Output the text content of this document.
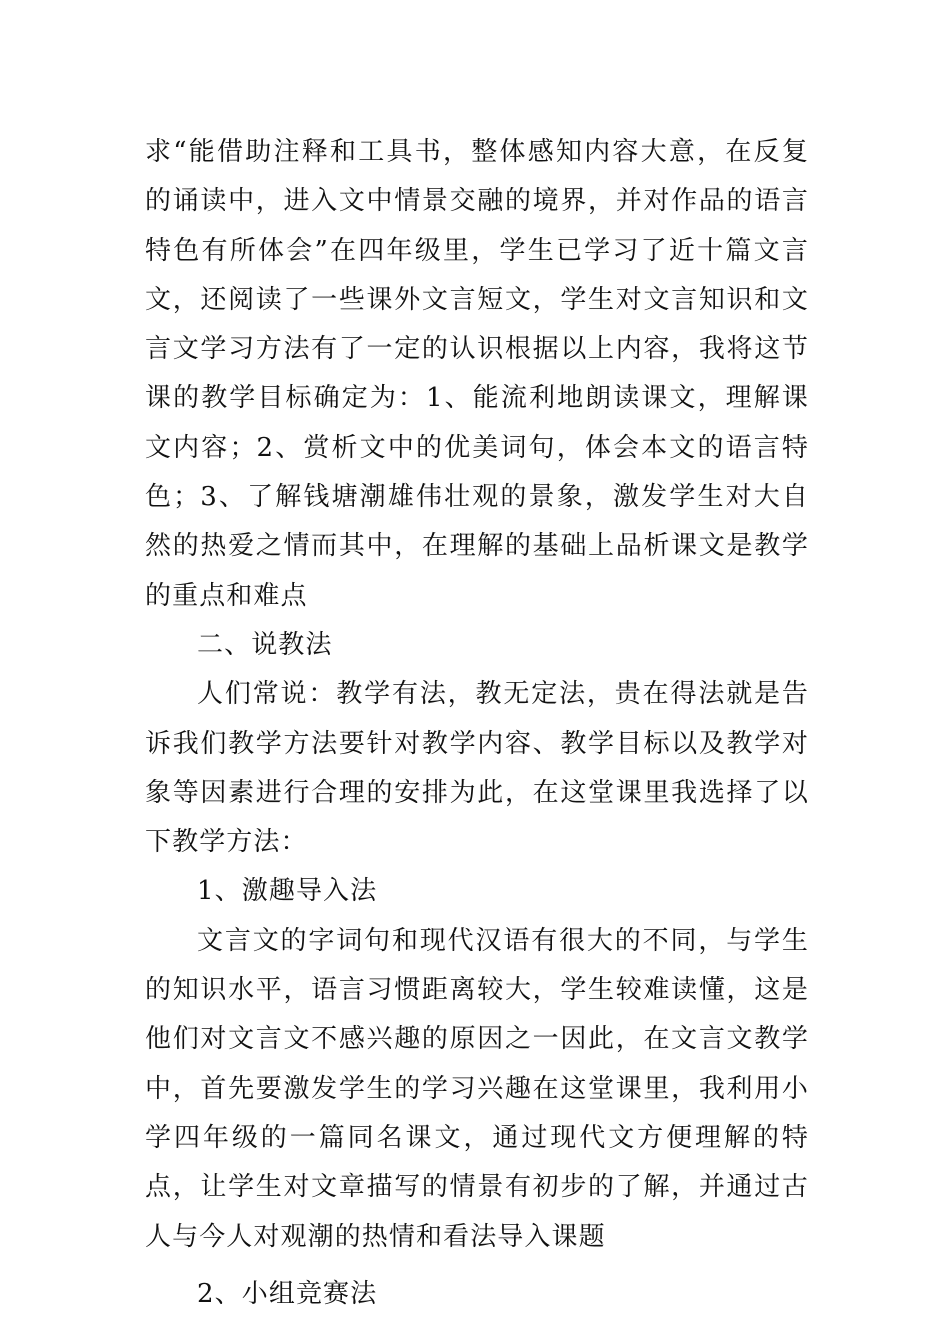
求“能借助注释和工具书，整体感知内容大意，在反复的诵读中，进入文中情景交融的境界，并对作品的语言特色有所体会”在四年级里，学生已学习了近十篇文言文，还阅读了一些课外文言短文，学生对文言知识和文言文学习方法有了一定的认识根据以上内容，我将这节课的教学目标确定为：1、能流利地朗读课文，理解课文内容；2、赏析文中的优美词句，体会本文的语言特色；3、了解钱塘潮雄伟壮观的景象，激发学生对大自然的热爱之情而其中，在理解的基础上品析课文是教学的重点和难点

二、说教法

人们常说：教学有法，教无定法，贵在得法就是告诉我们教学方法要针对教学内容、教学目标以及教学对象等因素进行合理的安排为此，在这堂课里我选择了以下教学方法：

1、激趣导入法

文言文的字词句和现代汉语有很大的不同，与学生的知识水平，语言习惯距离较大，学生较难读懂，这是他们对文言文不感兴趣的原因之一因此，在文言文教学中，首先要激发学生的学习兴趣在这堂课里，我利用小学四年级的一篇同名课文，通过现代文方便理解的特点，让学生对文章描写的情景有初步的了解，并通过古人与今人对观潮的热情和看法导入课题

2、小组竞赛法
